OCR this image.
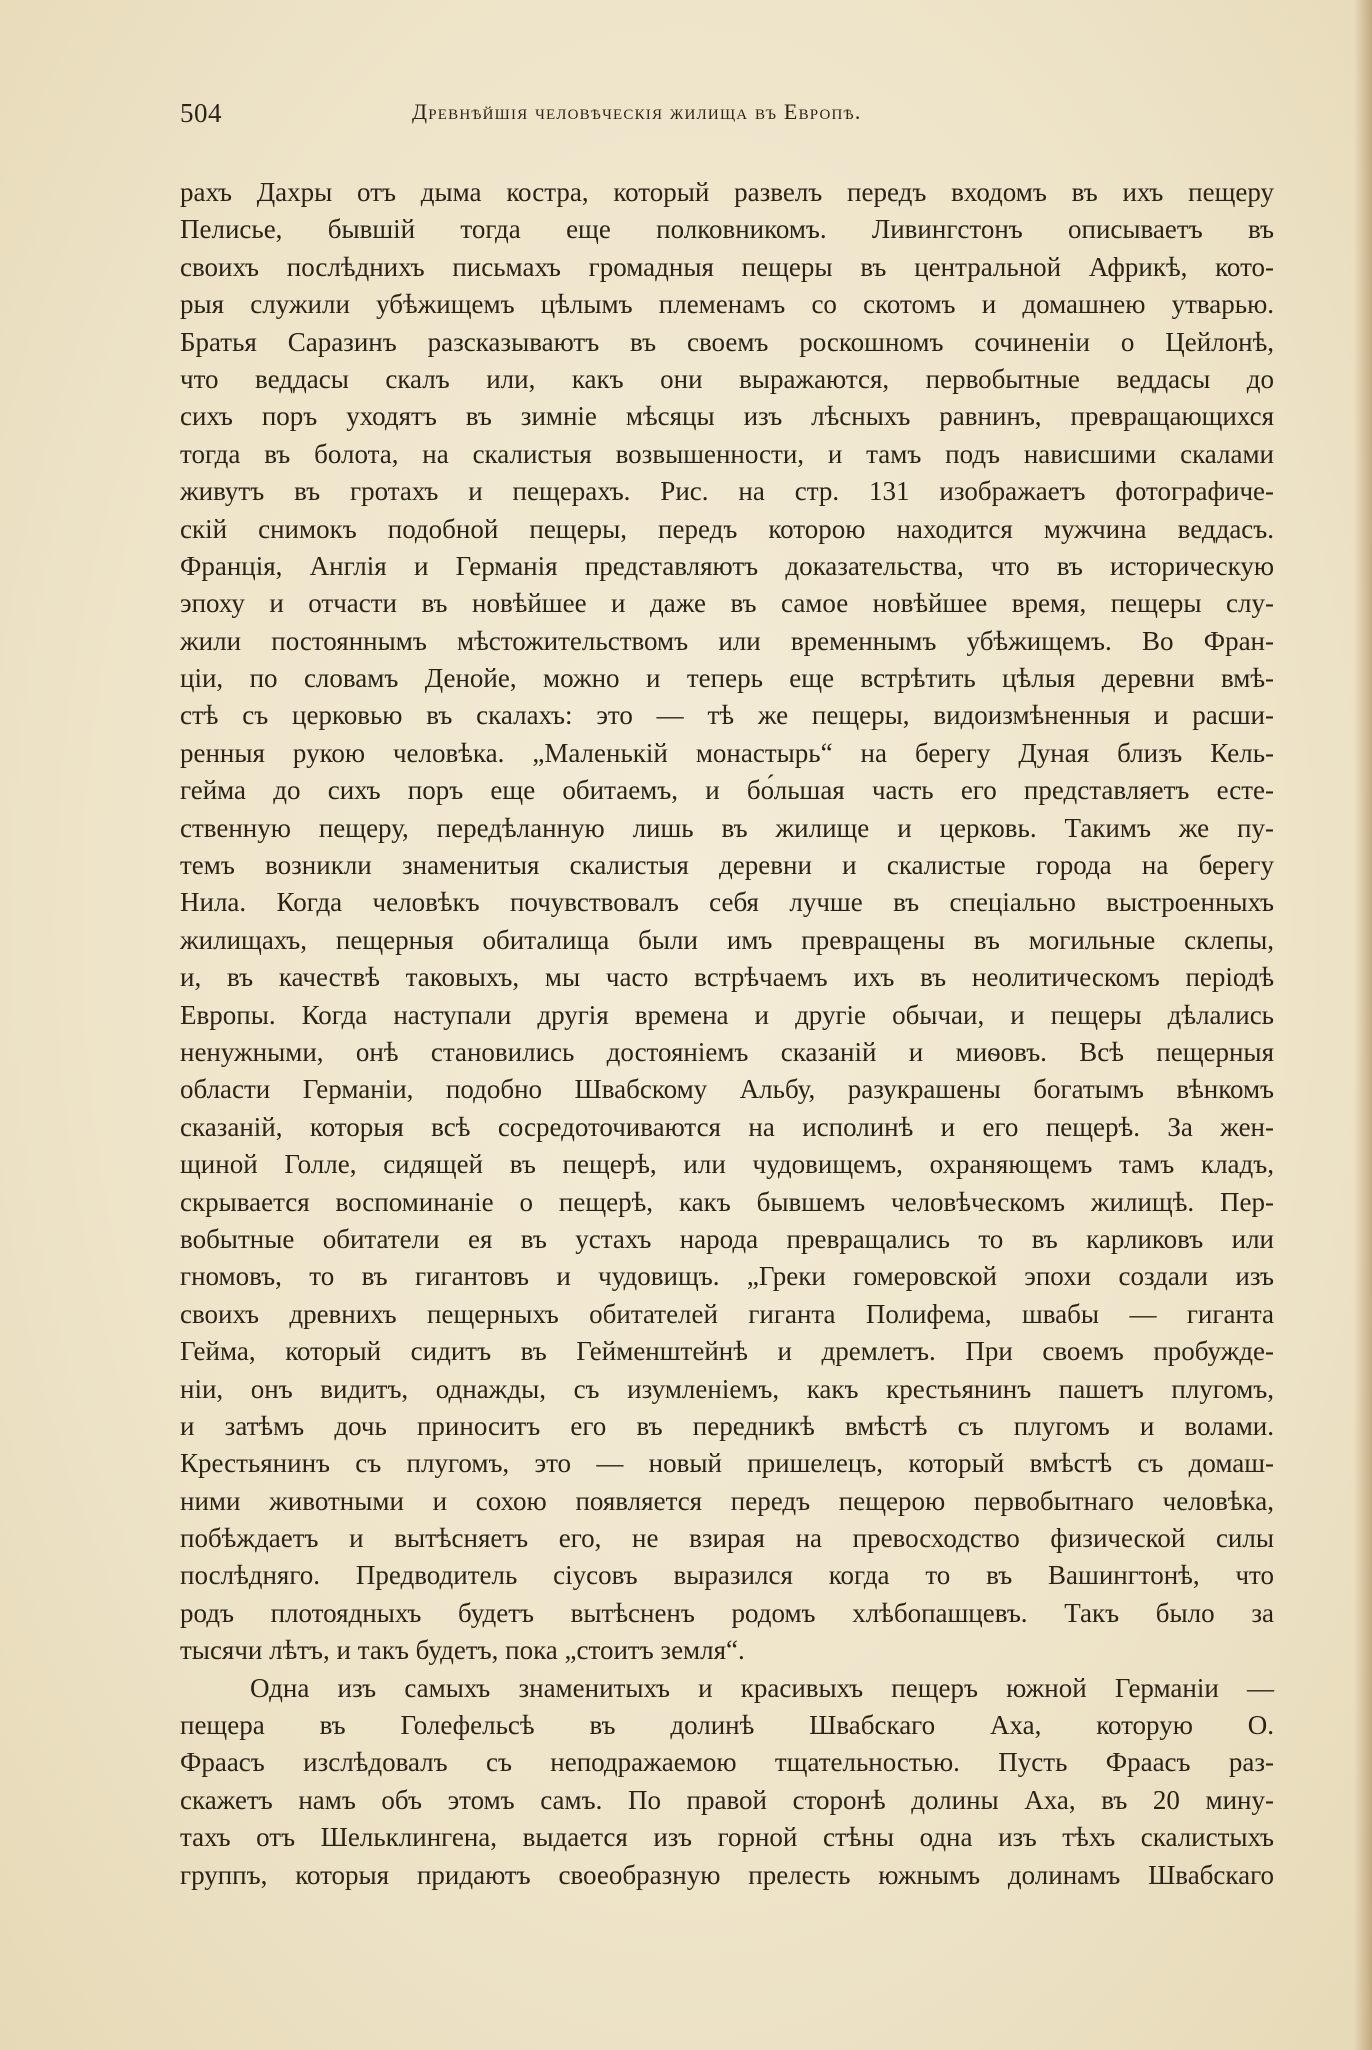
504	Древнѣйшія человѣческія жилища въ Европѣ.
рахъ Дахры отъ дыма костра, который развелъ передъ входомъ въ ихъ пещеру
Пелисье, бывшій тогда еще полковникомъ. Ливингстонъ описываетъ въ
своихъ послѣднихъ письмахъ громадныя пещеры въ центральной Африкѣ, кото-
рыя служили убѣжищемъ цѣлымъ племенамъ со скотомъ и домашнею утварью.
Братья Саразинъ разсказываютъ въ своемъ роскошномъ сочиненіи о Цейлонѣ,
что веддасы скалъ или, какъ они выражаются, первобытные веддасы до
сихъ поръ уходятъ въ зимніе мѣсяцы изъ лѣсныхъ равнинъ, превращающихся
тогда въ болота, на скалистыя возвышенности, и тамъ подъ нависшими скалами
живутъ въ гротахъ и пещерахъ. Рис. на стр. 131 изображаетъ фотографиче-
скій снимокъ подобной пещеры, передъ которою находится мужчина веддасъ.
Франція, Англія и Германія представляютъ доказательства, что въ историческую
эпоху и отчасти въ новѣйшее и даже въ самое новѣйшее время, пещеры слу-
жили постояннымъ мѣстожительствомъ или временнымъ убѣжищемъ. Во Фран-
ціи, по словамъ Денойе, можно и теперь еще встрѣтить цѣлыя деревни вмѣ-
стѣ съ церковью въ скалахъ: это — тѣ же пещеры, видоизмѣненныя и расши-
ренныя рукою человѣка. „Маленькій монастырь“ на берегу Дуная близъ Кель-
гейма до сихъ поръ еще обитаемъ, и бо́льшая часть его представляетъ есте-
ственную пещеру, передѣланную лишь въ жилище и церковь. Такимъ же пу-
темъ возникли знаменитыя скалистыя деревни и скалистые города на берегу
Нила. Когда человѣкъ почувствовалъ себя лучше въ спеціально выстроенныхъ
жилищахъ, пещерныя обиталища были имъ превращены въ могильные склепы,
и, въ качествѣ таковыхъ, мы часто встрѣчаемъ ихъ въ неолитическомъ періодѣ
Европы. Когда наступали другія времена и другіе обычаи, и пещеры дѣлались
ненужными, онѣ становились достояніемъ сказаній и миѳовъ. Всѣ пещерныя
области Германіи, подобно Швабскому Альбу, разукрашены богатымъ вѣнкомъ
сказаній, которыя всѣ сосредоточиваются на исполинѣ и его пещерѣ. За жен-
щиной Голле, сидящей въ пещерѣ, или чудовищемъ, охраняющемъ тамъ кладъ,
скрывается воспоминаніе о пещерѣ, какъ бывшемъ человѣческомъ жилищѣ. Пер-
вобытные обитатели ея въ устахъ народа превращались то въ карликовъ или
гномовъ, то въ гигантовъ и чудовищъ. „Греки гомеровской эпохи создали изъ
своихъ древнихъ пещерныхъ обитателей гиганта Полифема, швабы — гиганта
Гейма, который сидитъ въ Гейменштейнѣ и дремлетъ. При своемъ пробужде-
ніи, онъ видитъ, однажды, съ изумленіемъ, какъ крестьянинъ пашетъ плугомъ,
и затѣмъ дочь приноситъ его въ передникѣ вмѣстѣ съ плугомъ и волами.
Крестьянинъ съ плугомъ, это — новый пришелецъ, который вмѣстѣ съ домаш-
ними животными и сохою появляется передъ пещерою первобытнаго человѣка,
побѣждаетъ и вытѣсняетъ его, не взирая на превосходство физической силы
послѣдняго. Предводитель сіусовъ выразился когда то въ Вашингтонѣ, что
родъ плотоядныхъ будетъ вытѣсненъ родомъ хлѣбопашцевъ. Такъ было за
тысячи лѣтъ, и такъ будетъ, пока „стоитъ земля“.
Одна изъ самыхъ знаменитыхъ и красивыхъ пещеръ южной Германіи —
пещера въ Голефельсѣ въ долинѣ Швабскаго Аха, которую О.
Фраасъ изслѣдовалъ съ неподражаемою тщательностью. Пусть Фраасъ раз-
скажетъ намъ объ этомъ самъ. По правой сторонѣ долины Аха, въ 20 мину-
тахъ отъ Шельклингена, выдается изъ горной стѣны одна изъ тѣхъ скалистыхъ
группъ, которыя придаютъ своеобразную прелесть южнымъ долинамъ Швабскаго
